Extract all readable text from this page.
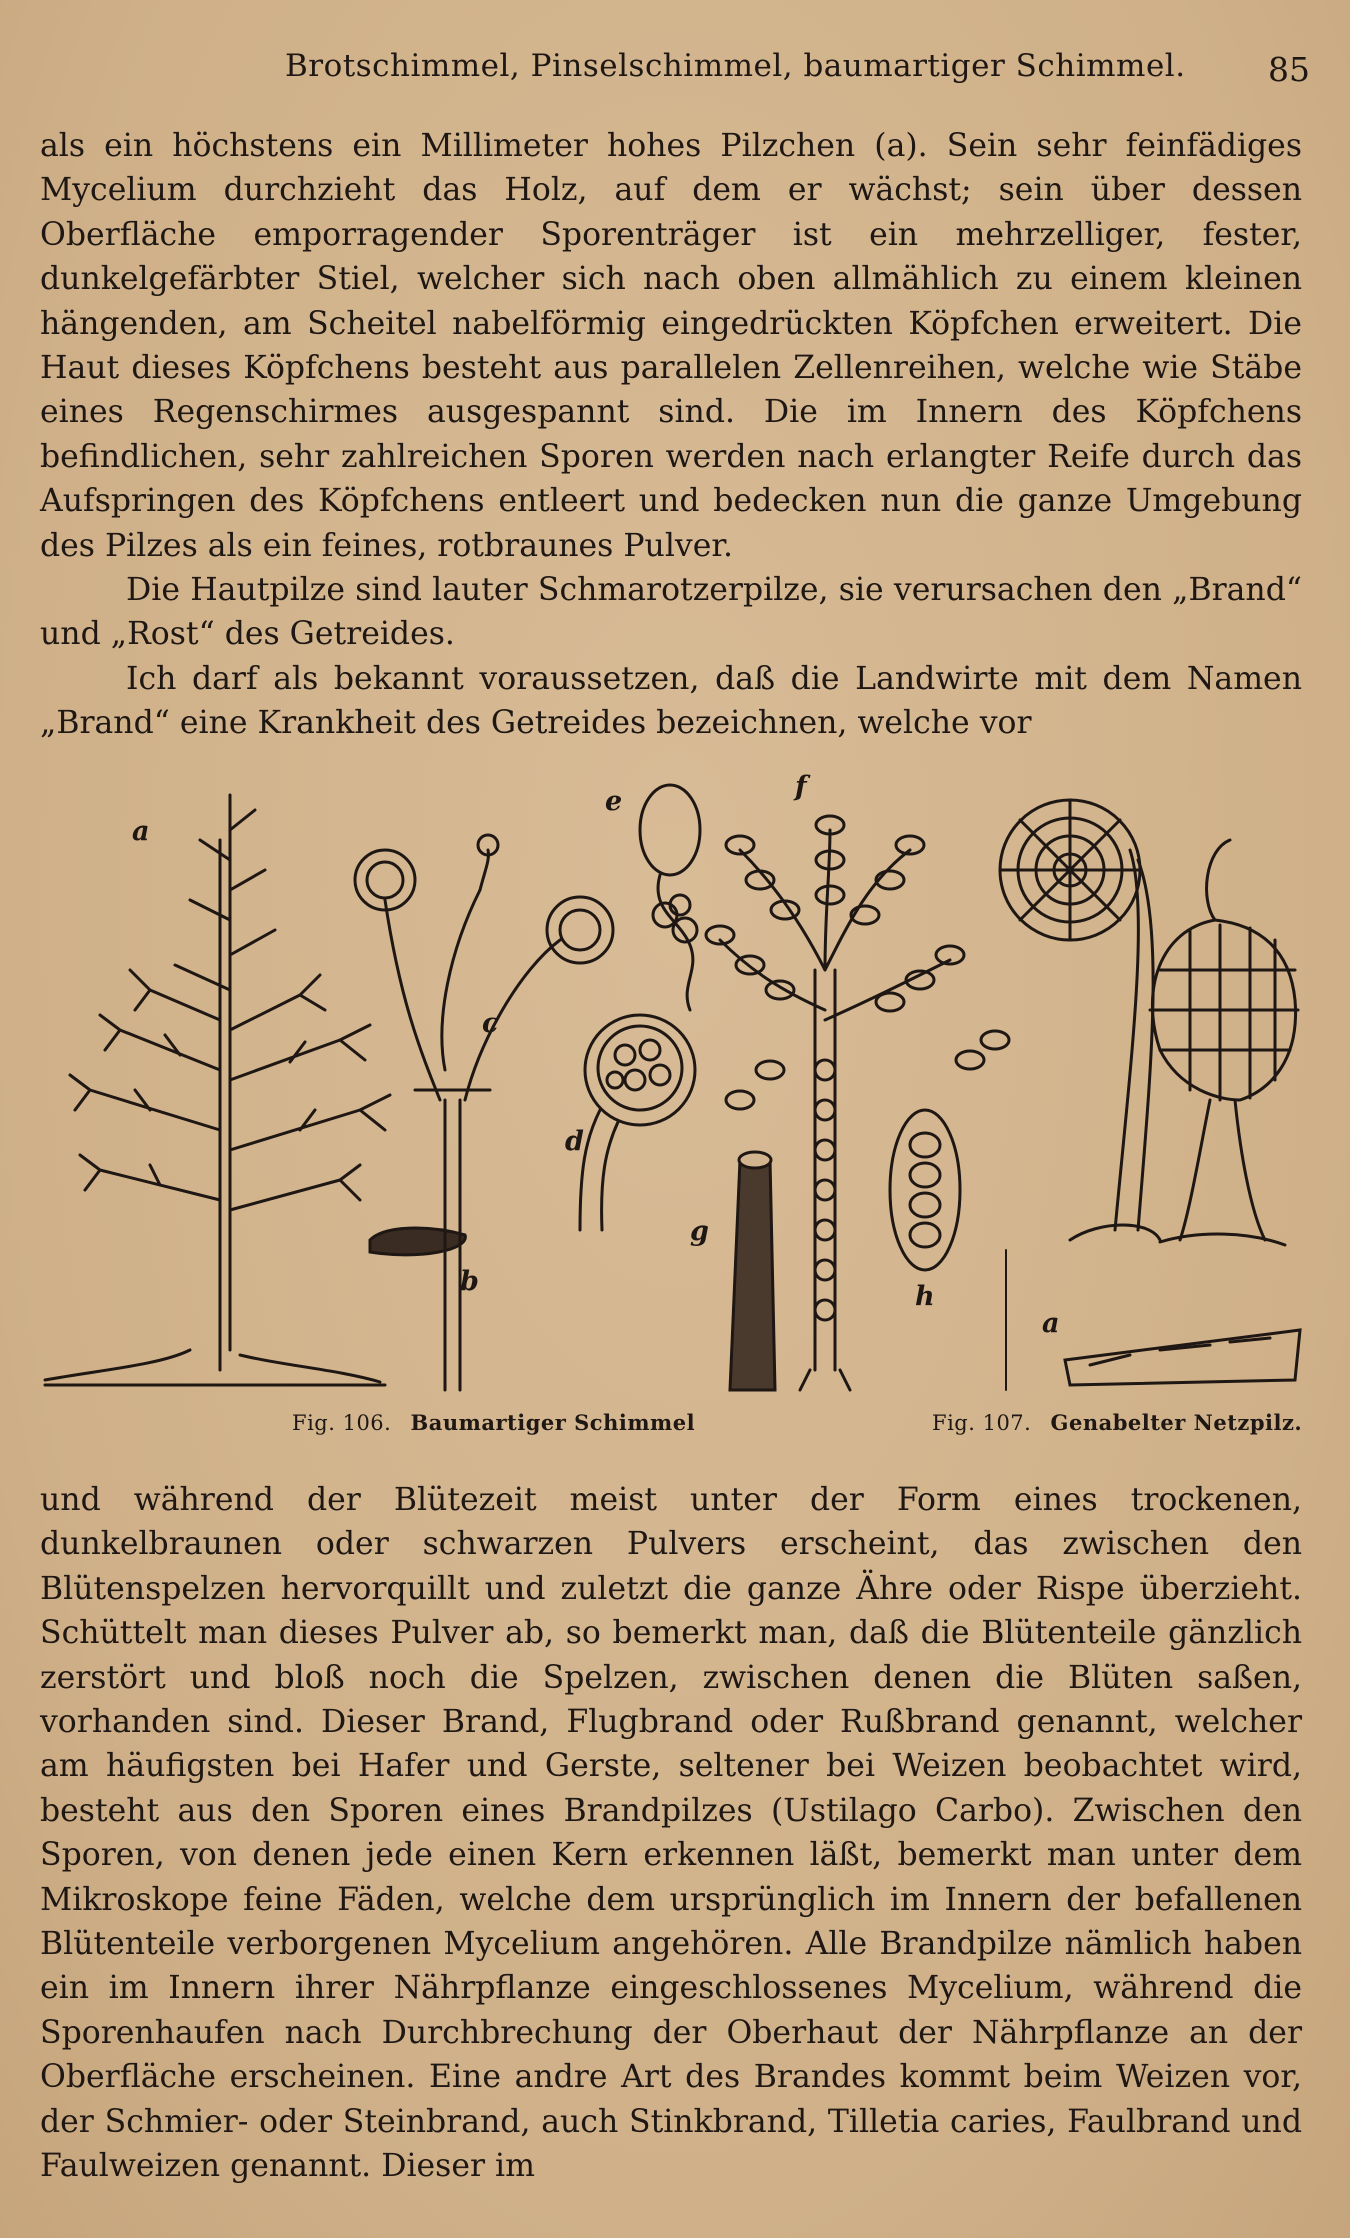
Brotschimmel, Pinselschimmel, baumartiger Schimmel. 85

als ein höchstens ein Millimeter hohes Pilzchen (a). Sein sehr feinfädiges Mycelium durchzieht das Holz, auf dem er wächst; sein über dessen Oberfläche emporragender Sporenträger ist ein mehrzelliger, fester, dunkelgefärbter Stiel, welcher sich nach oben allmählich zu einem kleinen hängenden, am Scheitel nabelförmig eingedrückten Köpfchen erweitert. Die Haut dieses Köpfchens besteht aus parallelen Zellenreihen, welche wie Stäbe eines Regenschirmes ausgespannt sind. Die im Innern des Köpfchens befindlichen, sehr zahlreichen Sporen werden nach erlangter Reife durch das Aufspringen des Köpfchens entleert und bedecken nun die ganze Umgebung des Pilzes als ein feines, rotbraunes Pulver.

Die Hautpilze sind lauter Schmarotzerpilze, sie verursachen den „Brand“ und „Rost“ des Getreides.

Ich darf als bekannt voraussetzen, daß die Landwirte mit dem Namen „Brand“ eine Krankheit des Getreides bezeichnen, welche vor

a
b
c
d
e	f
g
h
a
Fig. 106. Baumartiger Schimmel	Fig. 107. Genabelter Netzpilz.

und während der Blütezeit meist unter der Form eines trockenen, dunkelbraunen oder schwarzen Pulvers erscheint, das zwischen den Blütenspelzen hervorquillt und zuletzt die ganze Ähre oder Rispe überzieht. Schüttelt man dieses Pulver ab, so bemerkt man, daß die Blütenteile gänzlich zerstört und bloß noch die Spelzen, zwischen denen die Blüten saßen, vorhanden sind. Dieser Brand, Flugbrand oder Rußbrand genannt, welcher am häufigsten bei Hafer und Gerste, seltener bei Weizen beobachtet wird, besteht aus den Sporen eines Brandpilzes (Ustilago Carbo). Zwischen den Sporen, von denen jede einen Kern erkennen läßt, bemerkt man unter dem Mikroskope feine Fäden, welche dem ursprünglich im Innern der befallenen Blütenteile verborgenen Mycelium angehören. Alle Brandpilze nämlich haben ein im Innern ihrer Nährpflanze eingeschlossenes Mycelium, während die Sporenhaufen nach Durchbrechung der Oberhaut der Nährpflanze an der Oberfläche erscheinen. Eine andre Art des Brandes kommt beim Weizen vor, der Schmier- oder Steinbrand, auch Stinkbrand, Tilletia caries, Faulbrand und Faulweizen genannt. Dieser im
